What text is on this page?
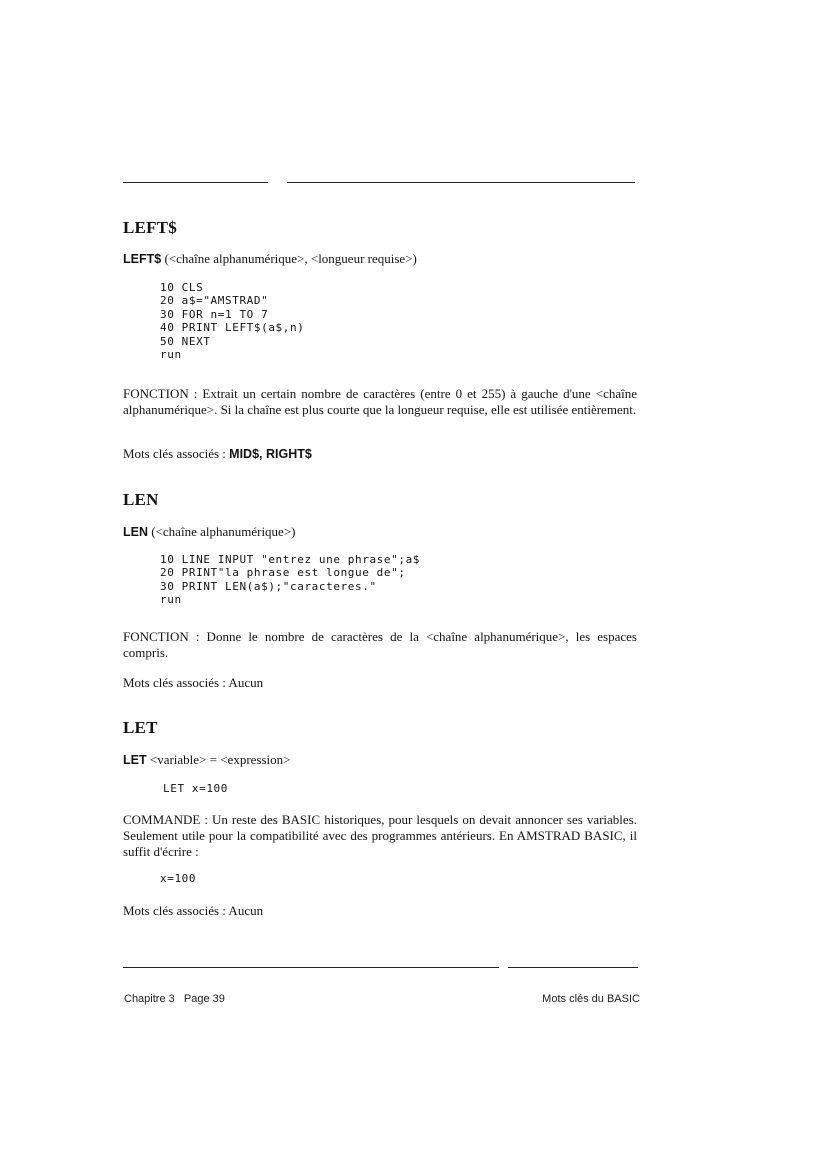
LEFT$
LEFT$ (<chaîne alphanumérique>, <longueur requise>)
10 CLS
20 a$="AMSTRAD"
30 FOR n=1 TO 7
40 PRINT LEFT$(a$,n)
50 NEXT
run

FONCTION : Extrait un certain nombre de caractères (entre 0 et 255) à gauche d'une <chaîne alphanumérique>. Si la chaîne est plus courte que la longueur requise, elle est utilisée entièrement.

Mots clés associés : MID$, RIGHT$
LEN
LEN (<chaîne alphanumérique>)
10 LINE INPUT "entrez une phrase";a$
20 PRINT"la phrase est longue de";
30 PRINT LEN(a$);"caracteres."
run

FONCTION : Donne le nombre de caractères de la <chaîne alphanumérique>, les espaces compris.

Mots clés associés : Aucun
LET
LET <variable> = <expression>
LET x=100

COMMANDE : Un reste des BASIC historiques, pour lesquels on devait annoncer ses variables. Seulement utile pour la compatibilité avec des programmes antérieurs. En AMSTRAD BASIC, il suffit d'écrire :

x=100
Mots clés associés : Aucun
Chapitre 3   Page 39	Mots clés du BASIC
